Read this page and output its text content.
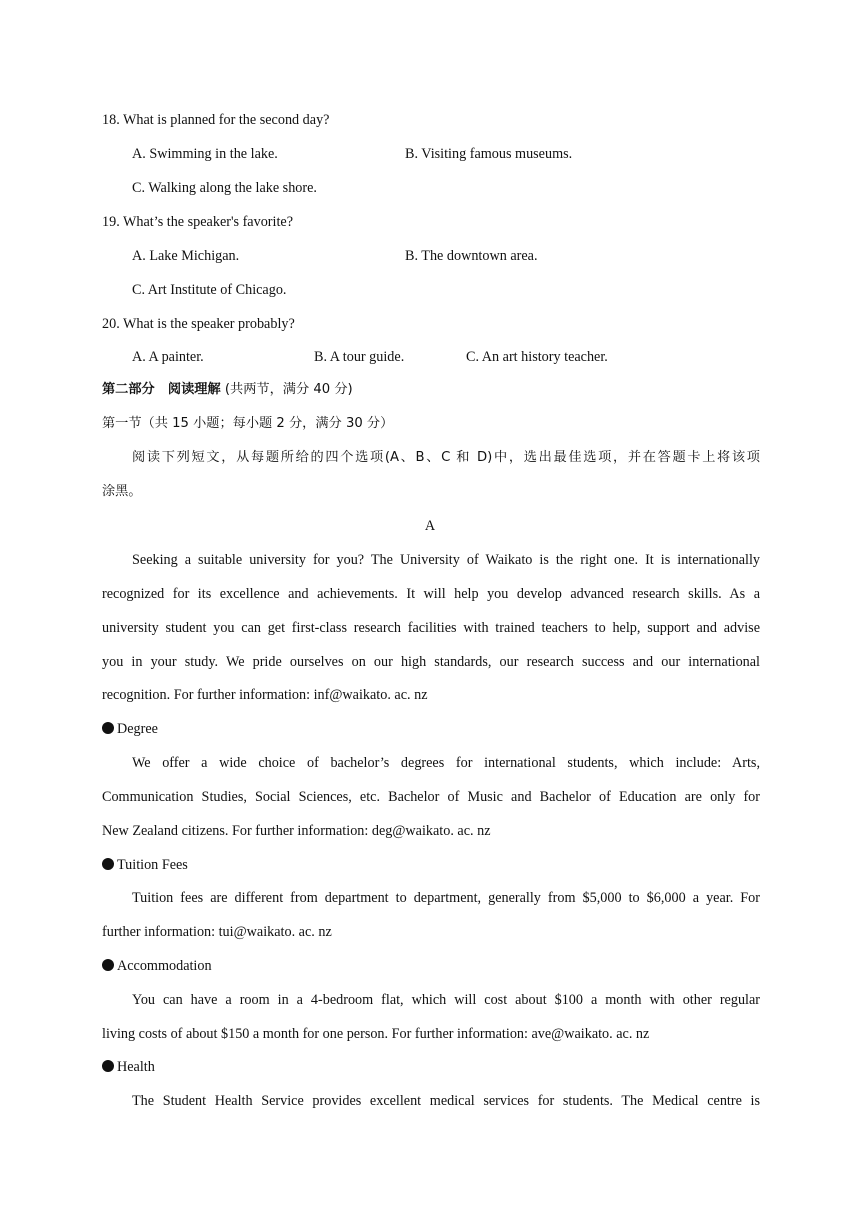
18. What is planned for the second day?
A. Swimming in the lake.	B. Visiting famous museums.
C. Walking along the lake shore.
19. What’s the speaker's favorite?
A. Lake Michigan.	B. The downtown area.
C. Art Institute of Chicago.
20. What is the speaker probably?
A. A painter.	B. A tour guide.	C. An art history teacher.
第二部分　阅读理解 (共两节，满分 40 分)
第一节（共 15 小题；每小题 2 分，满分 30 分）
阅读下列短文，从每题所给的四个选项(A、B、C 和 D)中，选出最佳选项，并在答题卡上将该项
涂黑。
A
Seeking a suitable university for you? The University of Waikato is the right one. It is internationally
recognized for its excellence and achievements. It will help you develop advanced research skills. As a
university student you can get first-class research facilities with trained teachers to help, support and advise
you in your study. We pride ourselves on our high standards, our research success and our international
recognition. For further information: inf@waikato. ac. nz
Degree
We offer a wide choice of bachelor’s degrees for international students, which include: Arts,
Communication Studies, Social Sciences, etc. Bachelor of Music and Bachelor of Education are only for
New Zealand citizens. For further information: deg@waikato. ac. nz
Tuition Fees
Tuition fees are different from department to department, generally from $5,000 to $6,000 a year. For
further information: tui@waikato. ac. nz
Accommodation
You can have a room in a 4-bedroom flat, which will cost about $100 a month with other regular
living costs of about $150 a month for one person. For further information: ave@waikato. ac. nz
Health
The Student Health Service provides excellent medical services for students. The Medical centre is
